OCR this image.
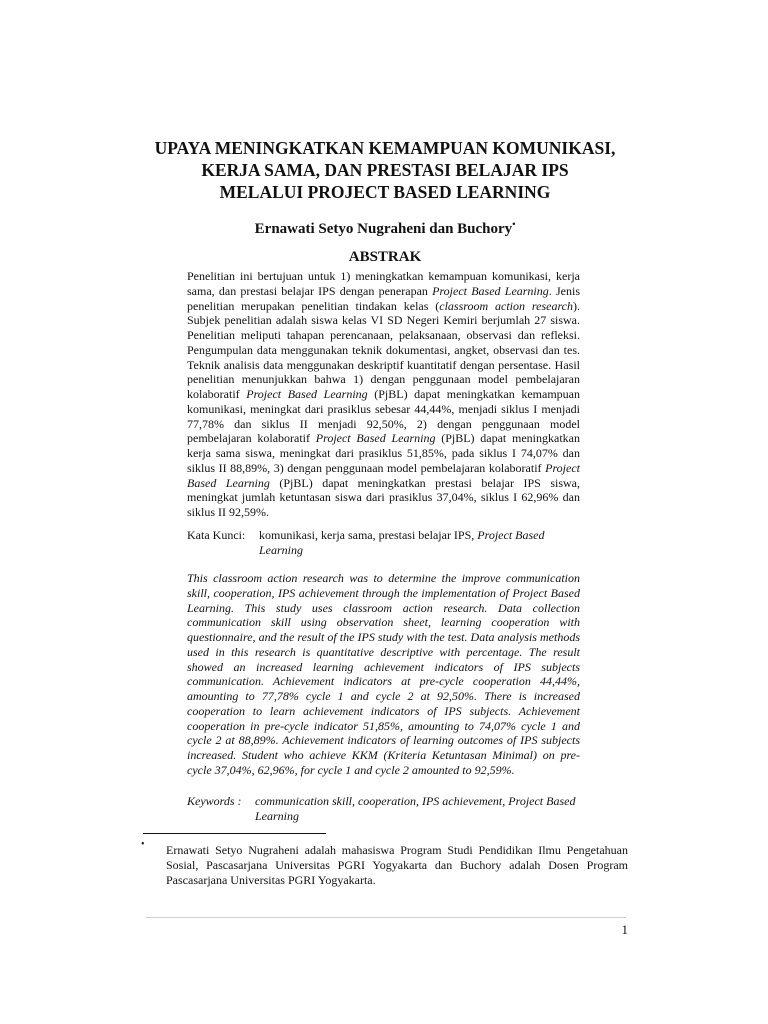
UPAYA MENINGKATKAN KEMAMPUAN KOMUNIKASI,
KERJA SAMA, DAN PRESTASI BELAJAR IPS
MELALUI PROJECT BASED LEARNING

Ernawati Setyo Nugraheni dan Buchory•

ABSTRAK

Penelitian ini bertujuan untuk 1) meningkatkan kemampuan komunikasi, kerja sama, dan prestasi belajar IPS dengan penerapan Project Based Learning. Jenis penelitian merupakan penelitian tindakan kelas (classroom action research). Subjek penelitian adalah siswa kelas VI SD Negeri Kemiri berjumlah 27 siswa. Penelitian meliputi tahapan perencanaan, pelaksanaan, observasi dan refleksi. Pengumpulan data menggunakan teknik dokumentasi, angket, observasi dan tes. Teknik analisis data menggunakan deskriptif kuantitatif dengan persentase. Hasil penelitian menunjukkan bahwa 1) dengan penggunaan model pembelajaran kolaboratif Project Based Learning (PjBL) dapat meningkatkan kemampuan komunikasi, meningkat dari prasiklus sebesar 44,44%, menjadi siklus I menjadi 77,78% dan siklus II menjadi 92,50%, 2) dengan penggunaan model pembelajaran kolaboratif Project Based Learning (PjBL) dapat meningkatkan kerja sama siswa, meningkat dari prasiklus 51,85%, pada siklus I 74,07% dan siklus II 88,89%, 3) dengan penggunaan model pembelajaran kolaboratif Project Based Learning (PjBL) dapat meningkatkan prestasi belajar IPS siswa, meningkat jumlah ketuntasan siswa dari prasiklus 37,04%, siklus I 62,96% dan siklus II 92,59%.

Kata Kunci: komunikasi, kerja sama, prestasi belajar IPS, Project Based Learning

This classroom action research was to determine the improve communication skill, cooperation, IPS achievement through the implementation of Project Based Learning. This study uses classroom action research. Data collection communication skill using observation sheet, learning cooperation with questionnaire, and the result of the IPS study with the test. Data analysis methods used in this research is quantitative descriptive with percentage. The result showed an increased learning achievement indicators of IPS subjects communication. Achievement indicators at pre-cycle cooperation 44,44%, amounting to 77,78% cycle 1 and cycle 2 at 92,50%. There is increased cooperation to learn achievement indicators of IPS subjects. Achievement cooperation in pre-cycle indicator 51,85%, amounting to 74,07% cycle 1 and cycle 2 at 88,89%. Achievement indicators of learning outcomes of IPS subjects increased. Student who achieve KKM (Kriteria Ketuntasan Minimal) on pre-cycle 37,04%, 62,96%, for cycle 1 and cycle 2 amounted to 92,59%.

Keywords : communication skill, cooperation, IPS achievement, Project Based Learning

• Ernawati Setyo Nugraheni adalah mahasiswa Program Studi Pendidikan Ilmu Pengetahuan Sosial, Pascasarjana Universitas PGRI Yogyakarta dan Buchory adalah Dosen Program Pascasarjana Universitas PGRI Yogyakarta.

1
